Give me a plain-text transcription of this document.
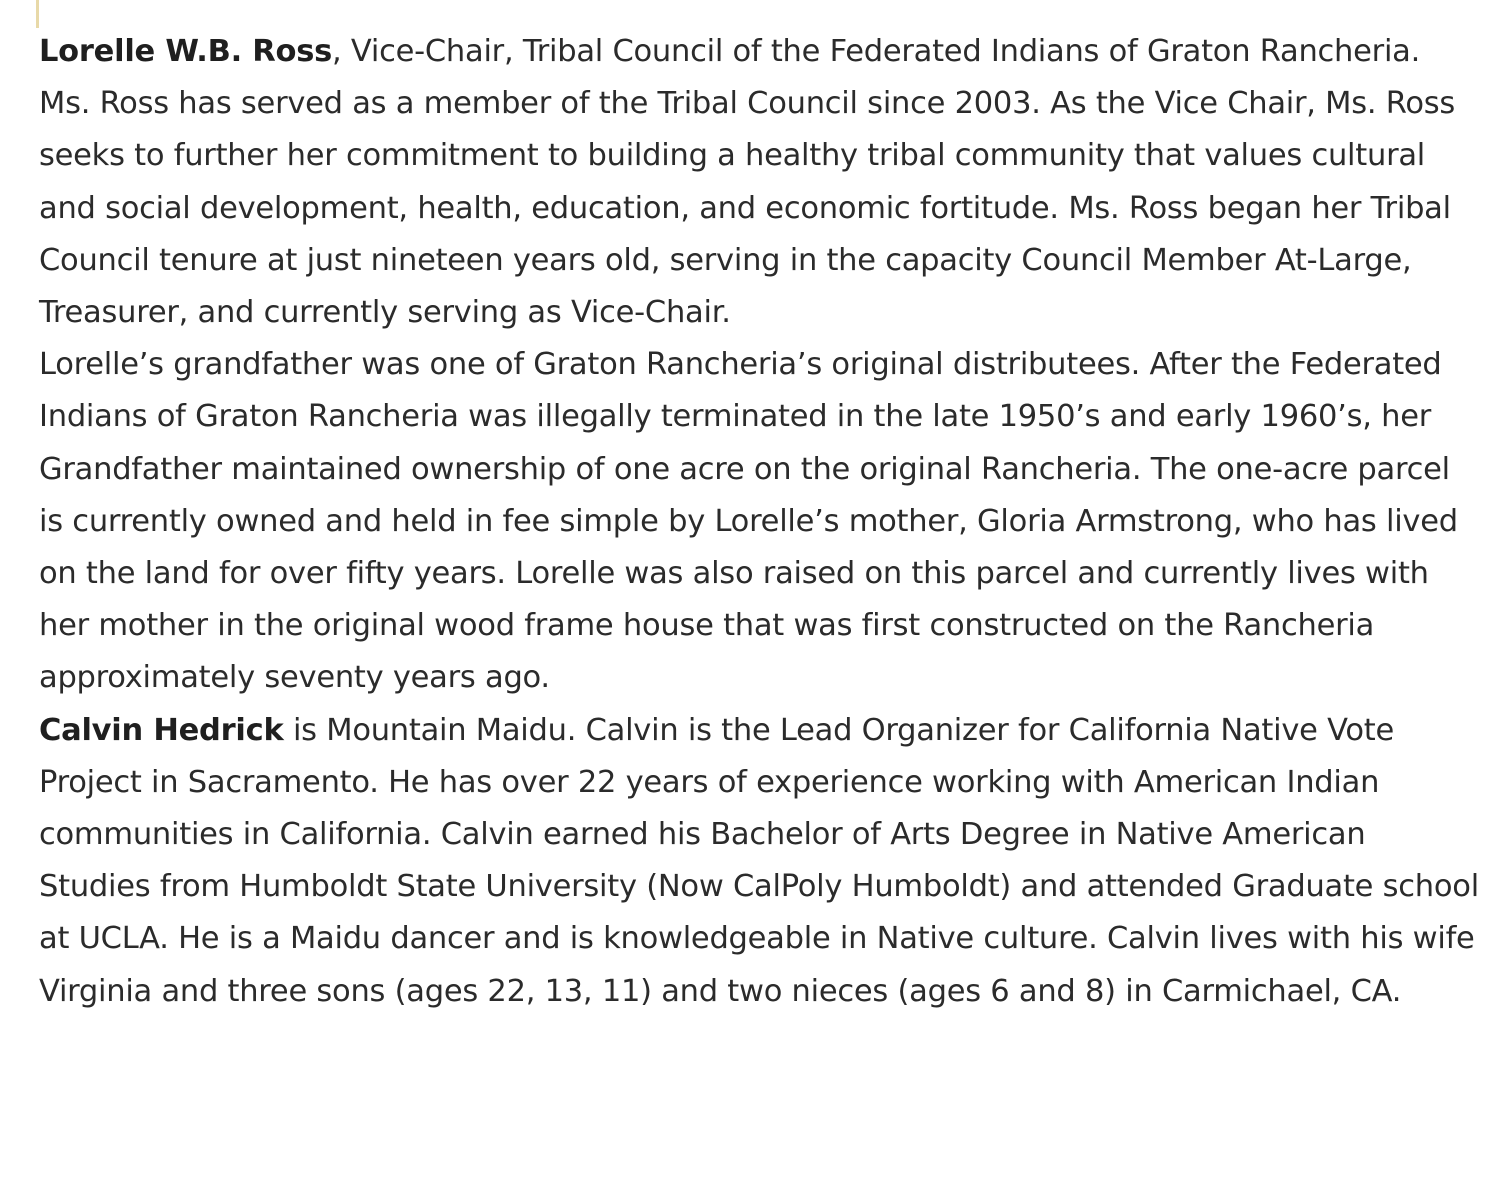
Lorelle W.B. Ross, Vice-Chair, Tribal Council of the Federated Indians of Graton Rancheria. Ms. Ross has served as a member of the Tribal Council since 2003. As the Vice Chair, Ms. Ross seeks to further her commitment to building a healthy tribal community that values cultural and social development, health, education, and economic fortitude. Ms. Ross began her Tribal Council tenure at just nineteen years old, serving in the capacity Council Member At-Large, Treasurer, and currently serving as Vice-Chair.

Lorelle’s grandfather was one of Graton Rancheria’s original distributees. After the Federated Indians of Graton Rancheria was illegally terminated in the late 1950’s and early 1960’s, her Grandfather maintained ownership of one acre on the original Rancheria. The one-acre parcel is currently owned and held in fee simple by Lorelle’s mother, Gloria Armstrong, who has lived on the land for over fifty years. Lorelle was also raised on this parcel and currently lives with her mother in the original wood frame house that was first constructed on the Rancheria approximately seventy years ago.

Calvin Hedrick is Mountain Maidu. Calvin is the Lead Organizer for California Native Vote Project in Sacramento. He has over 22 years of experience working with American Indian communities in California. Calvin earned his Bachelor of Arts Degree in Native American Studies from Humboldt State University (Now CalPoly Humboldt) and attended Graduate school at UCLA. He is a Maidu dancer and is knowledgeable in Native culture. Calvin lives with his wife Virginia and three sons (ages 22, 13, 11) and two nieces (ages 6 and 8) in Carmichael, CA.
